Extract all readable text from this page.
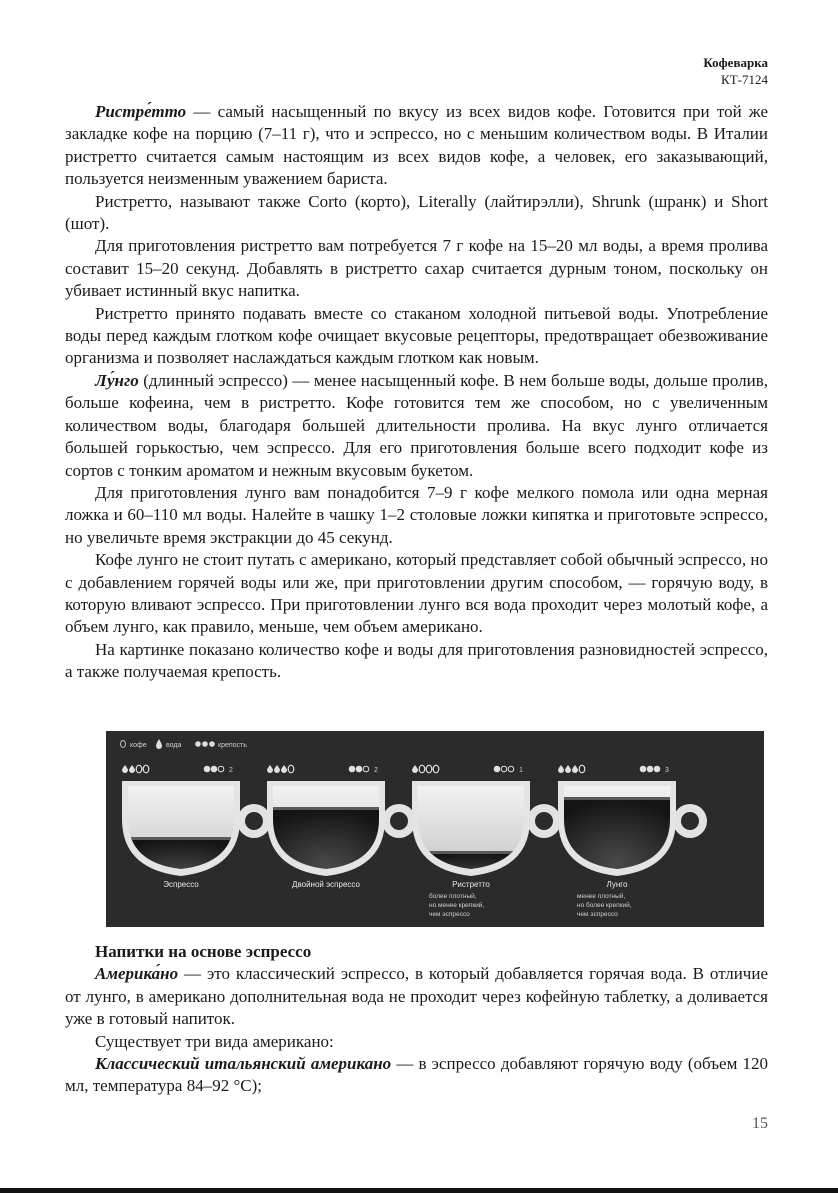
Кофеварка
КТ-7124

Ристре́тто — самый насыщенный по вкусу из всех видов кофе. Готовится при той же закладке кофе на порцию (7–11 г), что и эспрессо, но с меньшим количеством воды. В Италии ристретто считается самым настоящим из всех видов кофе, а человек, его заказывающий, пользуется неизменным уважением бариста.

Ристретто, называют также Corto (корто), Literally (лайтирэлли), Shrunk (шранк) и Short (шот).

Для приготовления ристретто вам потребуется 7 г кофе на 15–20 мл воды, а время пролива составит 15–20 секунд. Добавлять в ристретто сахар считается дурным тоном, поскольку он убивает истинный вкус напитка.

Ристретто принято подавать вместе со стаканом холодной питьевой воды. Употребление воды перед каждым глотком кофе очищает вкусовые рецепторы, предотвращает обезвоживание организма и позволяет наслаждаться каждым глотком как новым.

Лу́нго (длинный эспрессо) — менее насыщенный кофе. В нем больше воды, дольше пролив, больше кофеина, чем в ристретто. Кофе готовится тем же способом, но с увеличенным количеством воды, благодаря большей длительности пролива. На вкус лунго отличается большей горькостью, чем эспрессо. Для его приготовления больше всего подходит кофе из сортов с тонким ароматом и нежным вкусовым букетом.

Для приготовления лунго вам понадобится 7–9 г кофе мелкого помола или одна мерная ложка и 60–110 мл воды. Налейте в чашку 1–2 столовые ложки кипятка и приготовьте эспрессо, но увеличьте время экстракции до 45 секунд.

Кофе лунго не стоит путать с американо, который представляет собой обычный эспрессо, но с добавлением горячей воды или же, при приготовлении другим способом, — горячую воду, в которую вливают эспрессо. При приготовлении лунго вся вода проходит через молотый кофе, а объем лунго, как правило, меньше, чем объем американо.

На картинке показано количество кофе и воды для приготовления разновидностей эспрессо, а также получаемая крепость.

кофе	вода	крепость
2
Эспрессо
2
Двойной эспрессо
1
Ристретто
более плотный,
но менее крепкий,
чем эспрессо
3
Лунго
менее плотный,
но более крепкий,
чем эспрессо

Напитки на основе эспрессо

Америка́но — это классический эспрессо, в который добавляется горячая вода. В отличие от лунго, в американо дополнительная вода не проходит через кофейную таблетку, а доливается уже в готовый напиток.

Существует три вида американо:

Классический итальянский американо — в эспрессо добавляют горячую воду (объем 120 мл, температура 84–92 °С);

15
